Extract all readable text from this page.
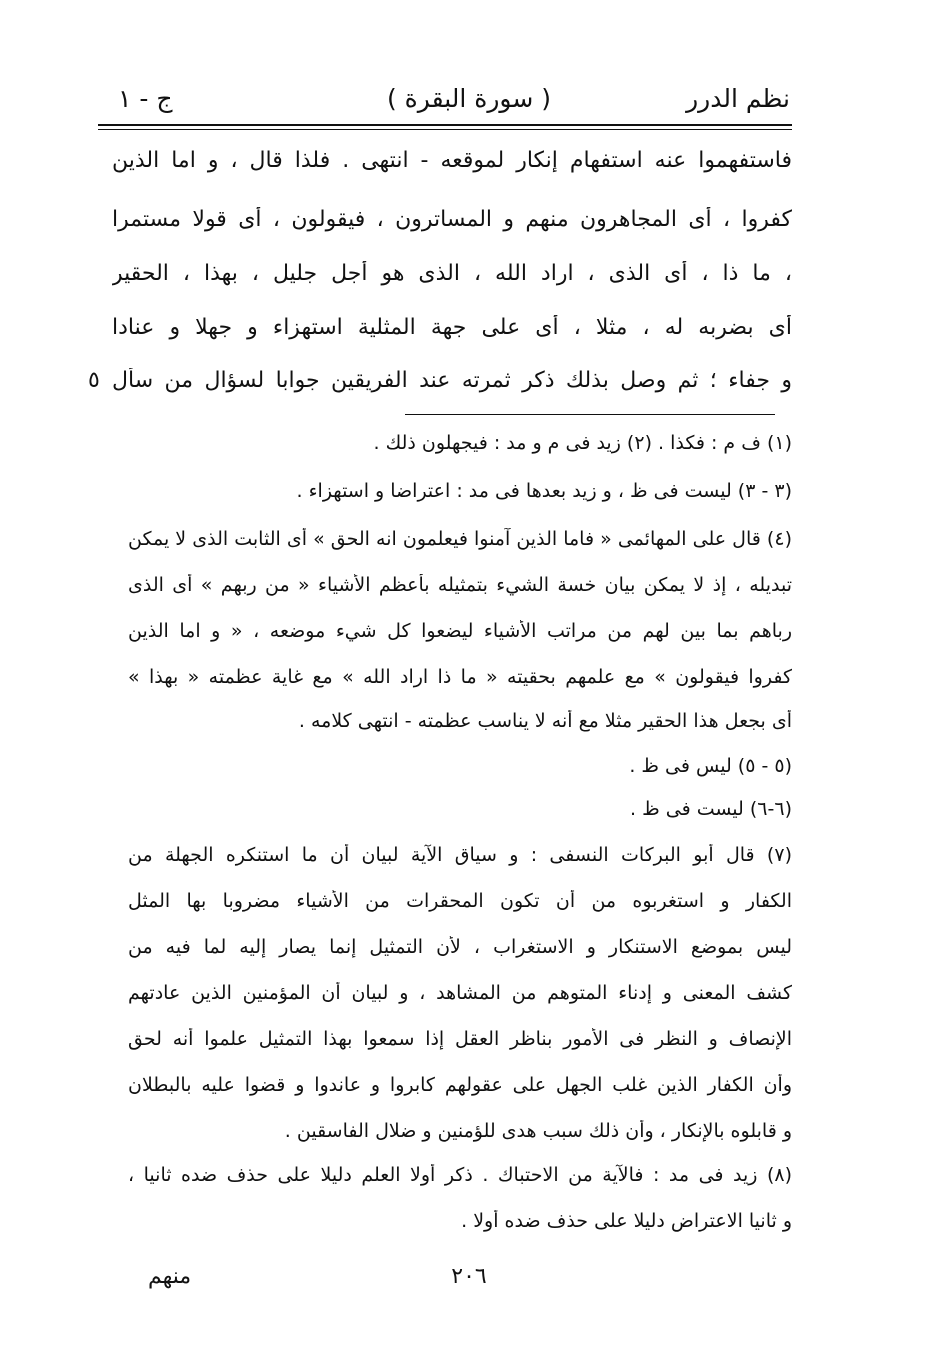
نظم الدرر
( سورة البقرة )
ج - ١
فاستفهموا عنه استفهام إنكار لموقعه - انتهى . فلذا قال ، و اما الذين
كفروا ، أى المجاهرون منهم و المساترون ، فيقولون ، أى قولا مستمرا
، ما ذا ، أى الذى ، اراد الله ، الذى هو أجل جليل ، بهذا ، الحقير
أى بضربه له ، مثلا ، أى على جهة المثلية استهزاء و جهلا و عنادا
و جفاء ؛ ثم وصل بذلك ذكر ثمرته عند الفريقين جوابا لسؤال من سأل
٥
(١) ف م : فكذا . (٢) زيد فى م و مد : فيجهلون ذلك .
(٣ - ٣) ليست فى ظ ، و زيد بعدها فى مد : اعتراضا و استهزاء .
(٤) قال على المهائمى « فاما الذين آمنوا فيعلمون انه الحق » أى الثابت الذى لا يمكن
تبديله ، إذ لا يمكن بيان خسة الشيء بتمثيله بأعظم الأشياء « من ربهم » أى الذى
رباهم بما بين لهم من مراتب الأشياء ليضعوا كل شيء موضعه ، « و اما الذين
كفروا فيقولون » مع علمهم بحقيته « ما ذا اراد الله » مع غاية عظمته « بهذا »
أى بجعل هذا الحقير مثلا مع أنه لا يناسب عظمته - انتهى كلامه .
(٥ - ٥) ليس فى ظ .
(٦-٦) ليست فى ظ .
(٧) قال أبو البركات النسفى : و سياق الآية لبيان أن ما استنكره الجهلة من
الكفار و استغربوه من أن تكون المحقرات من الأشياء مضروبا بها المثل
ليس بموضع الاستنكار و الاستغراب ، لأن التمثيل إنما يصار إليه لما فيه من
كشف المعنى و إدناء المتوهم من المشاهد ، و لبيان أن المؤمنين الذين عادتهم
الإنصاف و النظر فى الأمور بناظر العقل إذا سمعوا بهذا التمثيل علموا أنه لحق
وأن الكفار الذين غلب الجهل على عقولهم كابروا و عاندوا و قضوا عليه بالبطلان
و قابلوه بالإنكار ، وأن ذلك سبب هدى للؤمنين و ضلال الفاسقين .
(٨) زيد فى مد : فالآية من الاحتباك . ذكر أولا العلم دليلا على حذف ضده ثانيا ،
و ثانيا الاعتراض دليلا على حذف ضده أولا .
٢٠٦
منهم
